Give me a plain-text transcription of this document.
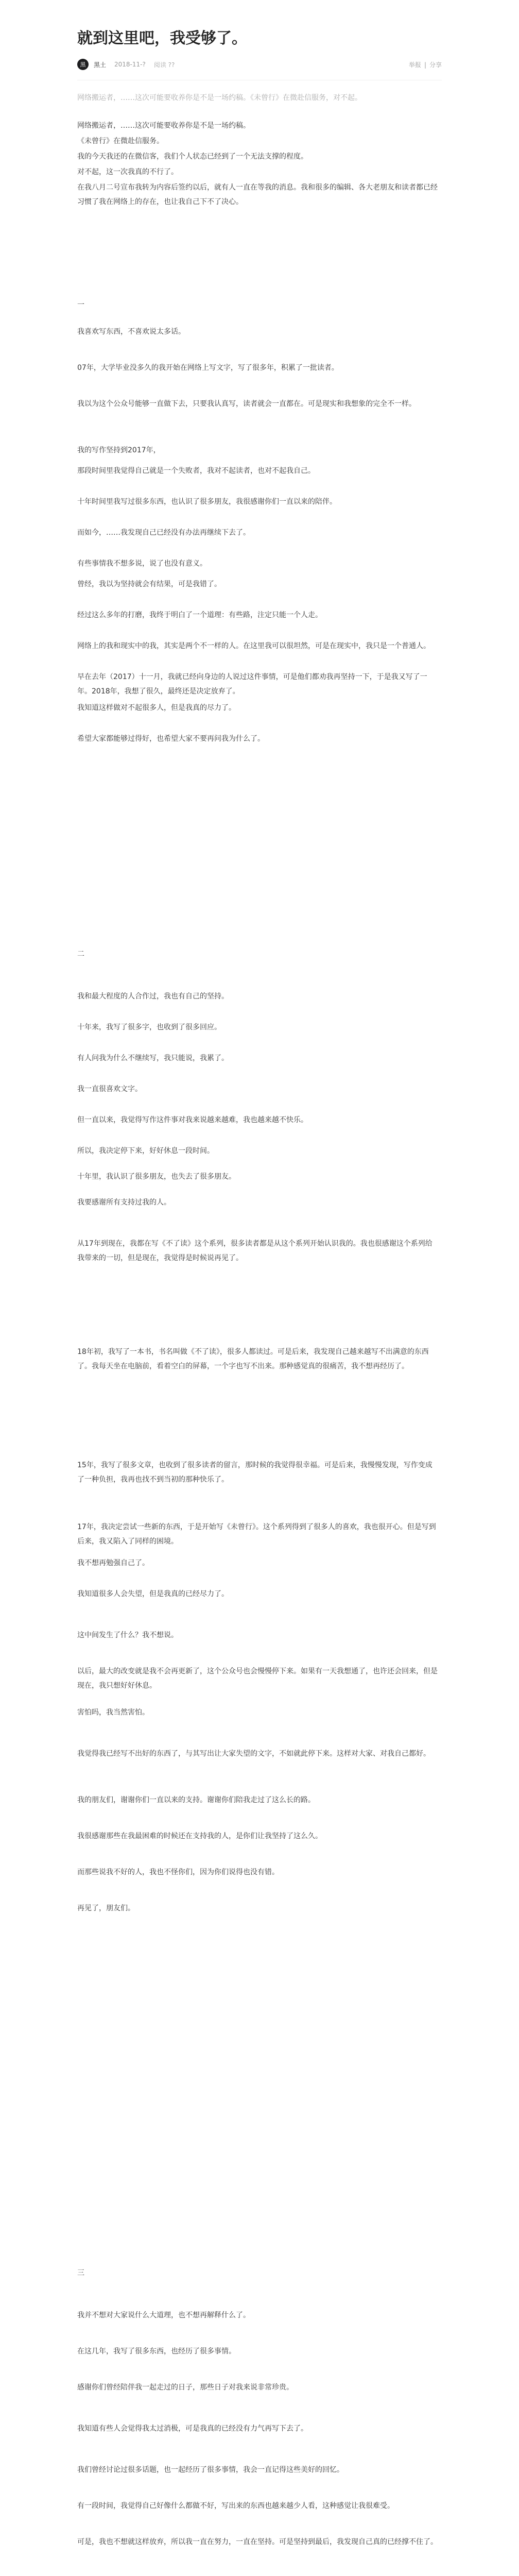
就到这里吧，我受够了。
黑 黑土 2018-11-? 阅读 ??	举报 | 分享

网络搬运者，……这次可能要收养你是不是一场约稿。《未曾行》在微赴信服务，对不起。

网络搬运者，……这次可能要收养你是不是一场约稿。

《未曾行》在微赴信服务。

我的今天我还的在微信客，我们个人状态已经到了一个无法支撑的程度。

对不起，这一次我真的不行了。

在我八月二号宣布我转为内容后签约以后，就有人一直在等我的消息。我和很多的编辑、各大老朋友和读者都已经习惯了我在网络上的存在，也让我自己下不了决心。

一

我喜欢写东西，不喜欢说太多话。

07年，大学毕业没多久的我开始在网络上写文字，写了很多年，积累了一批读者。

我以为这个公众号能够一直做下去，只要我认真写，读者就会一直都在。可是现实和我想象的完全不一样。

我的写作坚持到2017年，

那段时间里我觉得自己就是一个失败者，我对不起读者，也对不起我自己。

十年时间里我写过很多东西，也认识了很多朋友，我很感谢你们一直以来的陪伴。

而如今，……我发现自己已经没有办法再继续下去了。

有些事情我不想多说，说了也没有意义。

曾经，我以为坚持就会有结果，可是我错了。

经过这么多年的打磨，我终于明白了一个道理：有些路，注定只能一个人走。

网络上的我和现实中的我，其实是两个不一样的人。在这里我可以很坦然，可是在现实中，我只是一个普通人。

早在去年（2017）十一月，我就已经向身边的人说过这件事情，可是他们都劝我再坚持一下，于是我又写了一年。2018年，我想了很久，最终还是决定放弃了。

我知道这样做对不起很多人，但是我真的尽力了。

希望大家都能够过得好，也希望大家不要再问我为什么了。

二

我和最大程度的人合作过，我也有自己的坚持。

十年来，我写了很多字，也收到了很多回应。

有人问我为什么不继续写，我只能说，我累了。

我一直很喜欢文字。

但一直以来，我觉得写作这件事对我来说越来越难，我也越来越不快乐。

所以，我决定停下来，好好休息一段时间。

十年里，我认识了很多朋友，也失去了很多朋友。

我要感谢所有支持过我的人。

从17年到现在，我都在写《不了读》这个系列，很多读者都是从这个系列开始认识我的。我也很感谢这个系列给我带来的一切，但是现在，我觉得是时候说再见了。

18年初，我写了一本书，书名叫做《不了读》，很多人都读过。可是后来，我发现自己越来越写不出满意的东西了。我每天坐在电脑前，看着空白的屏幕，一个字也写不出来。那种感觉真的很痛苦，我不想再经历了。

15年，我写了很多文章，也收到了很多读者的留言，那时候的我觉得很幸福。可是后来，我慢慢发现，写作变成了一种负担，我再也找不到当初的那种快乐了。

17年，我决定尝试一些新的东西，于是开始写《未曾行》。这个系列得到了很多人的喜欢，我也很开心。但是写到后来，我又陷入了同样的困境。

我不想再勉强自己了。

我知道很多人会失望，但是我真的已经尽力了。

这中间发生了什么？我不想说。

以后，最大的改变就是我不会再更新了，这个公众号也会慢慢停下来。如果有一天我想通了，也许还会回来，但是现在，我只想好好休息。

害怕吗，我当然害怕。

我觉得我已经写不出好的东西了，与其写出让大家失望的文字，不如就此停下来。这样对大家、对我自己都好。

我的朋友们，谢谢你们一直以来的支持。谢谢你们陪我走过了这么长的路。

我很感谢那些在我最困难的时候还在支持我的人，是你们让我坚持了这么久。

而那些说我不好的人，我也不怪你们，因为你们说得也没有错。

再见了，朋友们。

三

我并不想对大家说什么大道理，也不想再解释什么了。

在这几年，我写了很多东西，也经历了很多事情。

感谢你们曾经陪伴我一起走过的日子，那些日子对我来说非常珍贵。

我知道有些人会觉得我太过消极，可是我真的已经没有力气再写下去了。

我们曾经讨论过很多话题，也一起经历了很多事情，我会一直记得这些美好的回忆。

有一段时间，我觉得自己好像什么都做不好，写出来的东西也越来越少人看，这种感觉让我很难受。

可是，我也不想就这样放弃，所以我一直在努力，一直在坚持。可是坚持到最后，我发现自己真的已经撑不住了。
